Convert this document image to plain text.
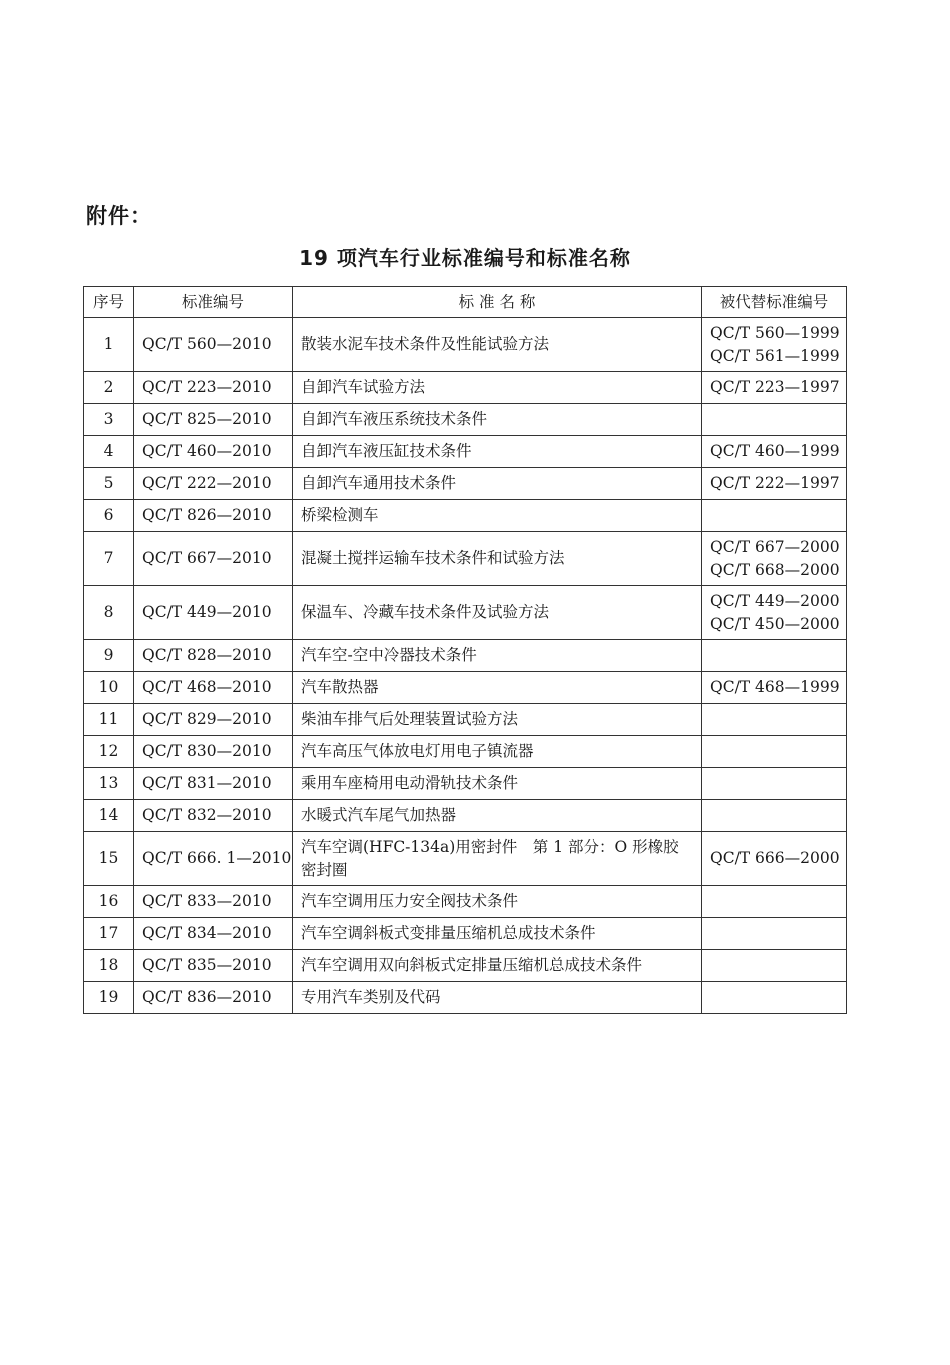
附件：
19 项汽车行业标准编号和标准名称
序号	标准编号	标 准 名 称	被代替标准编号
1	QC/T 560—2010	散装水泥车技术条件及性能试验方法	QC/T 560—1999
QC/T 561—1999

2	QC/T 223—2010	自卸汽车试验方法	QC/T 223—1997

3	QC/T 825—2010	自卸汽车液压系统技术条件	
4	QC/T 460—2010	自卸汽车液压缸技术条件	QC/T 460—1999

5	QC/T 222—2010	自卸汽车通用技术条件	QC/T 222—1997

6	QC/T 826—2010	桥梁检测车	
7	QC/T 667—2010	混凝土搅拌运输车技术条件和试验方法	QC/T 667—2000
QC/T 668—2000

8	QC/T 449—2010	保温车、冷藏车技术条件及试验方法	QC/T 449—2000
QC/T 450—2000

9	QC/T 828—2010	汽车空-空中冷器技术条件	
10	QC/T 468—2010	汽车散热器	QC/T 468—1999

11	QC/T 829—2010	柴油车排气后处理装置试验方法	
12	QC/T 830—2010	汽车高压气体放电灯用电子镇流器	
13	QC/T 831—2010	乘用车座椅用电动滑轨技术条件	
14	QC/T 832—2010	水暖式汽车尾气加热器	
15	QC/T 666. 1—2010	汽车空调(HFC-134a)用密封件　第 1 部分：O 形橡胶密封圈	QC/T 666—2000

16	QC/T 833—2010	汽车空调用压力安全阀技术条件	
17	QC/T 834—2010	汽车空调斜板式变排量压缩机总成技术条件	
18	QC/T 835—2010	汽车空调用双向斜板式定排量压缩机总成技术条件	
19	QC/T 836—2010	专用汽车类别及代码	
